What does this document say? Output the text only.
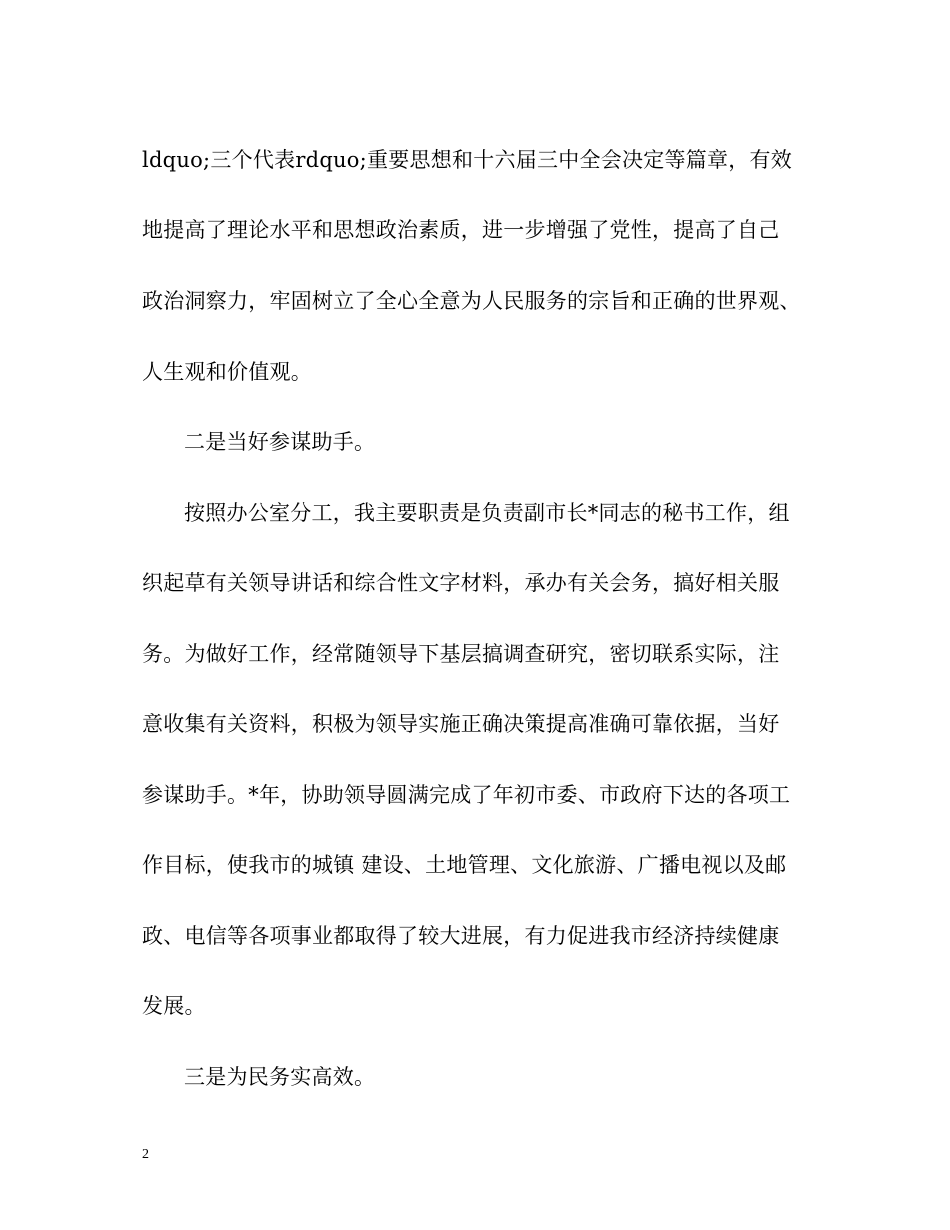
ldquo;三个代表rdquo;重要思想和十六届三中全会决定等篇章，有效
地提高了理论水平和思想政治素质，进一步增强了党性，提高了自己
政治洞察力，牢固树立了全心全意为人民服务的宗旨和正确的世界观、
人生观和价值观。
二是当好参谋助手。
按照办公室分工，我主要职责是负责副市长*同志的秘书工作，组
织起草有关领导讲话和综合性文字材料，承办有关会务，搞好相关服
务。为做好工作，经常随领导下基层搞调查研究，密切联系实际，注
意收集有关资料，积极为领导实施正确决策提高准确可靠依据，当好
参谋助手。*年，协助领导圆满完成了年初市委、市政府下达的各项工
作目标，使我市的城镇 建设、土地管理、文化旅游、广播电视以及邮
政、电信等各项事业都取得了较大进展，有力促进我市经济持续健康
发展。
三是为民务实高效。
2
